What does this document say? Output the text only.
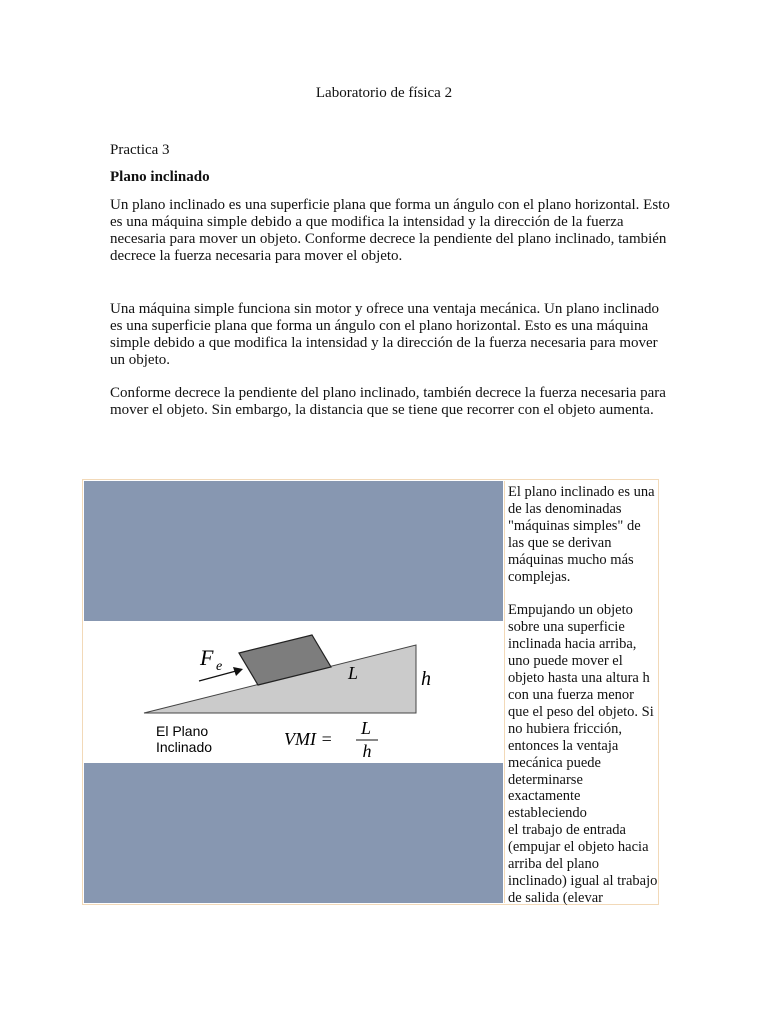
Laboratorio de física 2
Practica 3
Plano inclinado

Un plano inclinado es una superficie plana que forma un ángulo con el plano horizontal. Esto es una máquina simple debido a que modifica la intensidad y la dirección de la fuerza necesaria para mover un objeto. Conforme decrece la pendiente del plano inclinado, también decrece la fuerza necesaria para mover el objeto.

Una máquina simple funciona sin motor y ofrece una ventaja mecánica. Un plano inclinado es una superficie plana que forma un ángulo con el plano horizontal. Esto es una máquina simple debido a que modifica la intensidad y la dirección de la fuerza necesaria para mover un objeto.

Conforme decrece la pendiente del plano inclinado, también decrece la fuerza necesaria para mover el objeto. Sin embargo, la distancia que se tiene que recorrer con el objeto aumenta.

F e	L	h
El Plano
Inclinado	VMI =
L
h

El plano inclinado es una de las denominadas "máquinas simples" de las que se derivan máquinas mucho más complejas.

Empujando un objeto sobre una superficie inclinada hacia arriba, uno puede mover el objeto hasta una altura h con una fuerza menor que el peso del objeto. Si no hubiera fricción, entonces la ventaja mecánica puede determinarse exactamente estableciendo

el trabajo de entrada (empujar el objeto hacia arriba del plano inclinado) igual al trabajo de salida (elevar
